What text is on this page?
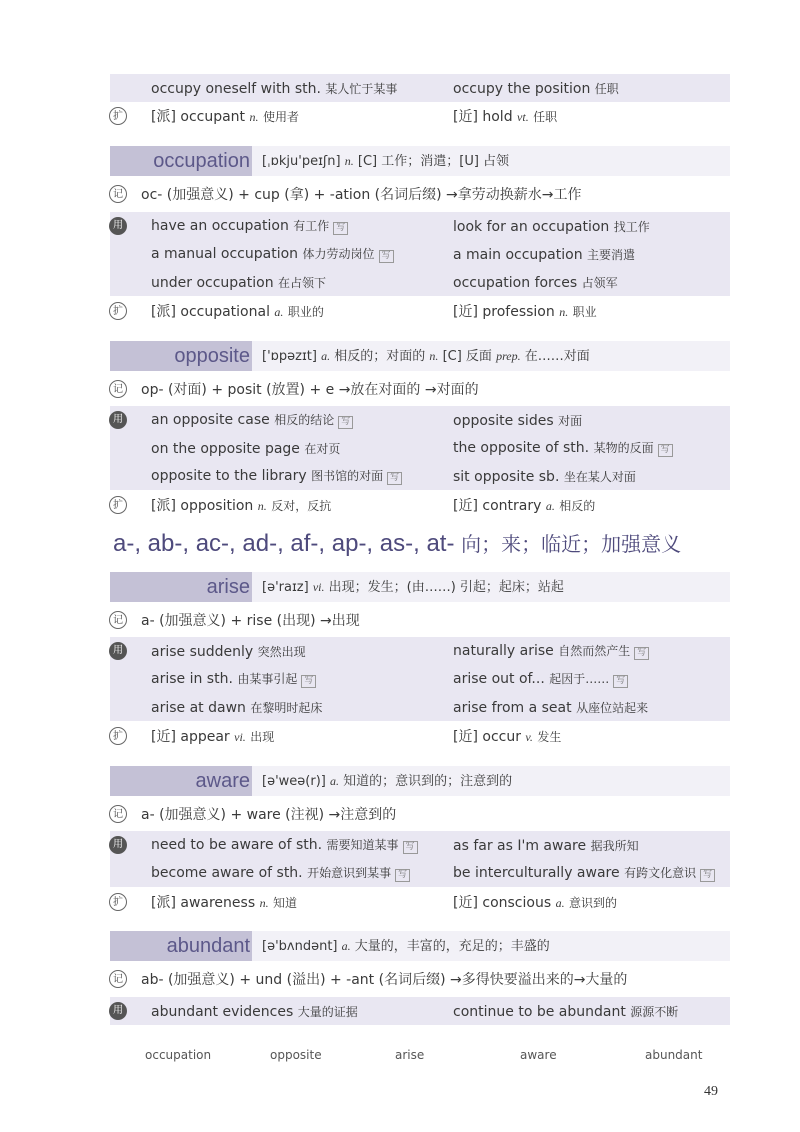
occupy oneself with sth. 某人忙于某事	occupy the position 任职
扩 [派] occupant n. 使用者	[近] hold vt. 任职
occupation [ˌɒkju'peɪʃn] n. [C] 工作；消遣；[U] 占领
记 oc- (加强意义) + cup (拿) + -ation (名词后缀) →拿劳动换薪水→工作
用 have an occupation 有工作 写	look for an occupation 找工作
a manual occupation 体力劳动岗位 写	a main occupation 主要消遣
under occupation 在占领下	occupation forces 占领军
扩 [派] occupational a. 职业的	[近] profession n. 职业
opposite ['ɒpəzɪt] a. 相反的；对面的 n. [C] 反面 prep. 在……对面
记 op- (对面) + posit (放置) + e →放在对面的 →对面的
用 an opposite case 相反的结论 写	opposite sides 对面
on the opposite page 在对页	the opposite of sth. 某物的反面 写
opposite to the library 图书馆的对面 写	sit opposite sb. 坐在某人对面
扩 [派] opposition n. 反对，反抗	[近] contrary a. 相反的
a-, ab-, ac-, ad-, af-, ap-, as-, at- 向；来；临近；加强意义
arise [ə'raɪz] vi. 出现；发生；(由……) 引起；起床；站起
记 a- (加强意义) + rise (出现) →出现
用 arise suddenly 突然出现	naturally arise 自然而然产生 写
arise in sth. 由某事引起 写	arise out of... 起因于…… 写
arise at dawn 在黎明时起床	arise from a seat 从座位站起来
扩 [近] appear vi. 出现	[近] occur v. 发生
aware [ə'weə(r)] a. 知道的；意识到的；注意到的
记 a- (加强意义) + ware (注视) →注意到的
用 need to be aware of sth. 需要知道某事 写	as far as I'm aware 据我所知
become aware of sth. 开始意识到某事 写	be interculturally aware 有跨文化意识 写
扩 [派] awareness n. 知道	[近] conscious a. 意识到的
abundant [ə'bʌndənt] a. 大量的，丰富的，充足的；丰盛的
记 ab- (加强意义) + und (溢出) + -ant (名词后缀) →多得快要溢出来的→大量的
用 abundant evidences 大量的证据	continue to be abundant 源源不断
occupation	opposite	arise	aware	abundant
49
